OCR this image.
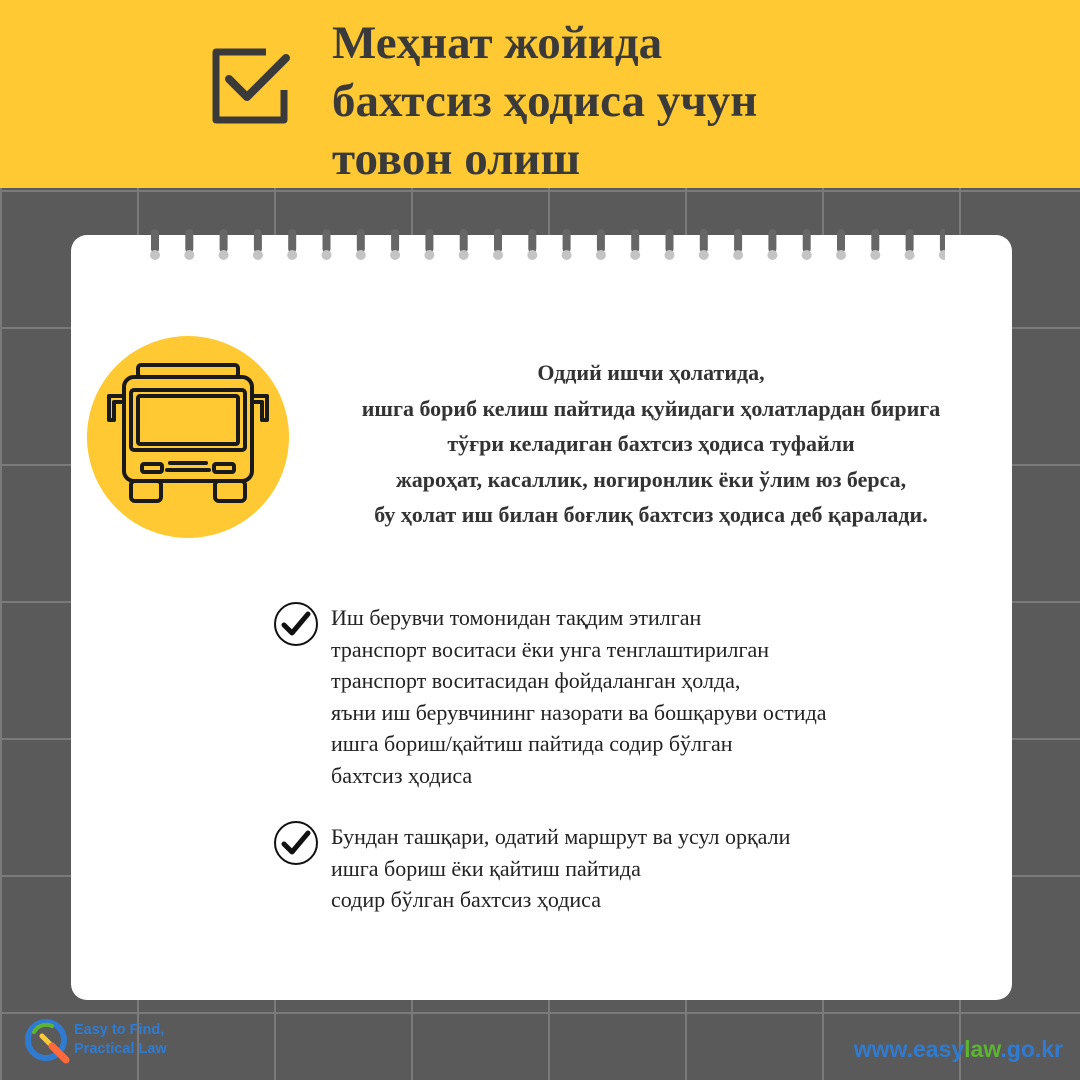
Меҳнат жойида
бахтсиз ҳодиса учун
товон олиш

Оддий ишчи ҳолатида,
ишга бориб келиш пайтида қуйидаги ҳолатлардан бирига
тўғри келадиган бахтсиз ҳодиса туфайли
жароҳат, касаллик, ногиронлик ёки ўлим юз берса,
бу ҳолат иш билан боғлиқ бахтсиз ҳодиса деб қаралади.

Иш берувчи томонидан тақдим этилган
транспорт воситаси ёки унга тенглаштирилган
транспорт воситасидан фойдаланган ҳолда,
яъни иш берувчининг назорати ва бошқаруви остида
ишга бориш/қайтиш пайтида содир бўлган
бахтсиз ҳодиса

Бундан ташқари, одатий маршрут ва усул орқали
ишга бориш ёки қайтиш пайтида
содир бўлган бахтсиз ҳодиса

Easy to Find,
Practical Law	www.easylaw.go.kr
